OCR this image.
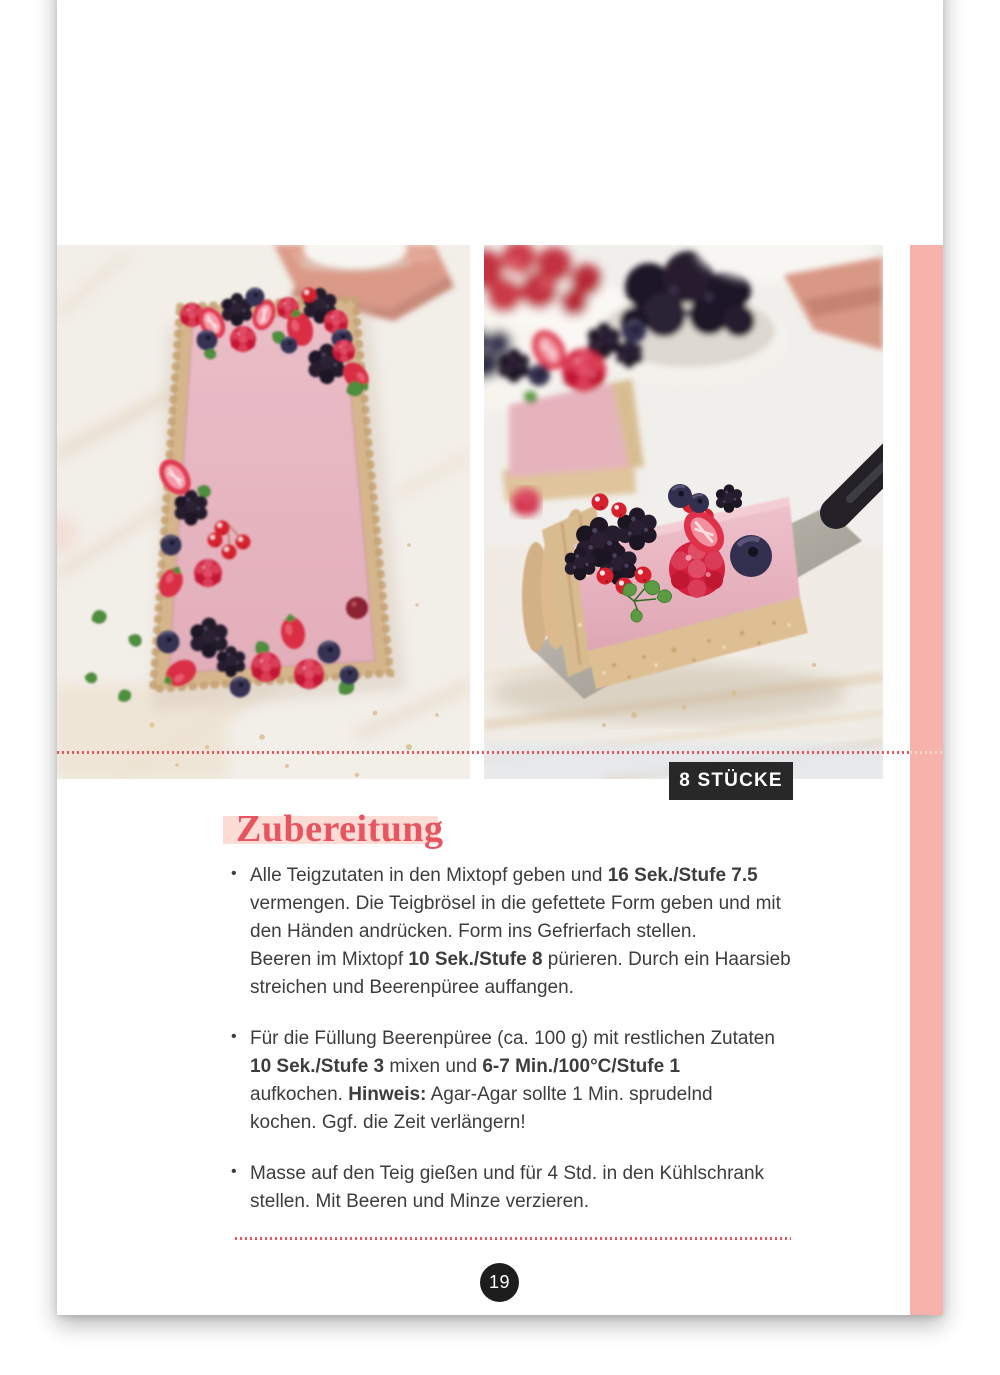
8 STÜCKE
Zubereitung
• Alle Teigzutaten in den Mixtopf geben und 16 Sek./Stufe 7.5
vermengen. Die Teigbrösel in die gefettete Form geben und mit
den Händen andrücken. Form ins Gefrierfach stellen.
Beeren im Mixtopf 10 Sek./Stufe 8 pürieren. Durch ein Haarsieb
streichen und Beerenpüree auffangen.
• Für die Füllung Beerenpüree (ca. 100 g) mit restlichen Zutaten
10 Sek./Stufe 3 mixen und 6-7 Min./100°C/Stufe 1
aufkochen. Hinweis: Agar-Agar sollte 1 Min. sprudelnd
kochen. Ggf. die Zeit verlängern!
• Masse auf den Teig gießen und für 4 Std. in den Kühlschrank
stellen. Mit Beeren und Minze verzieren.
19
